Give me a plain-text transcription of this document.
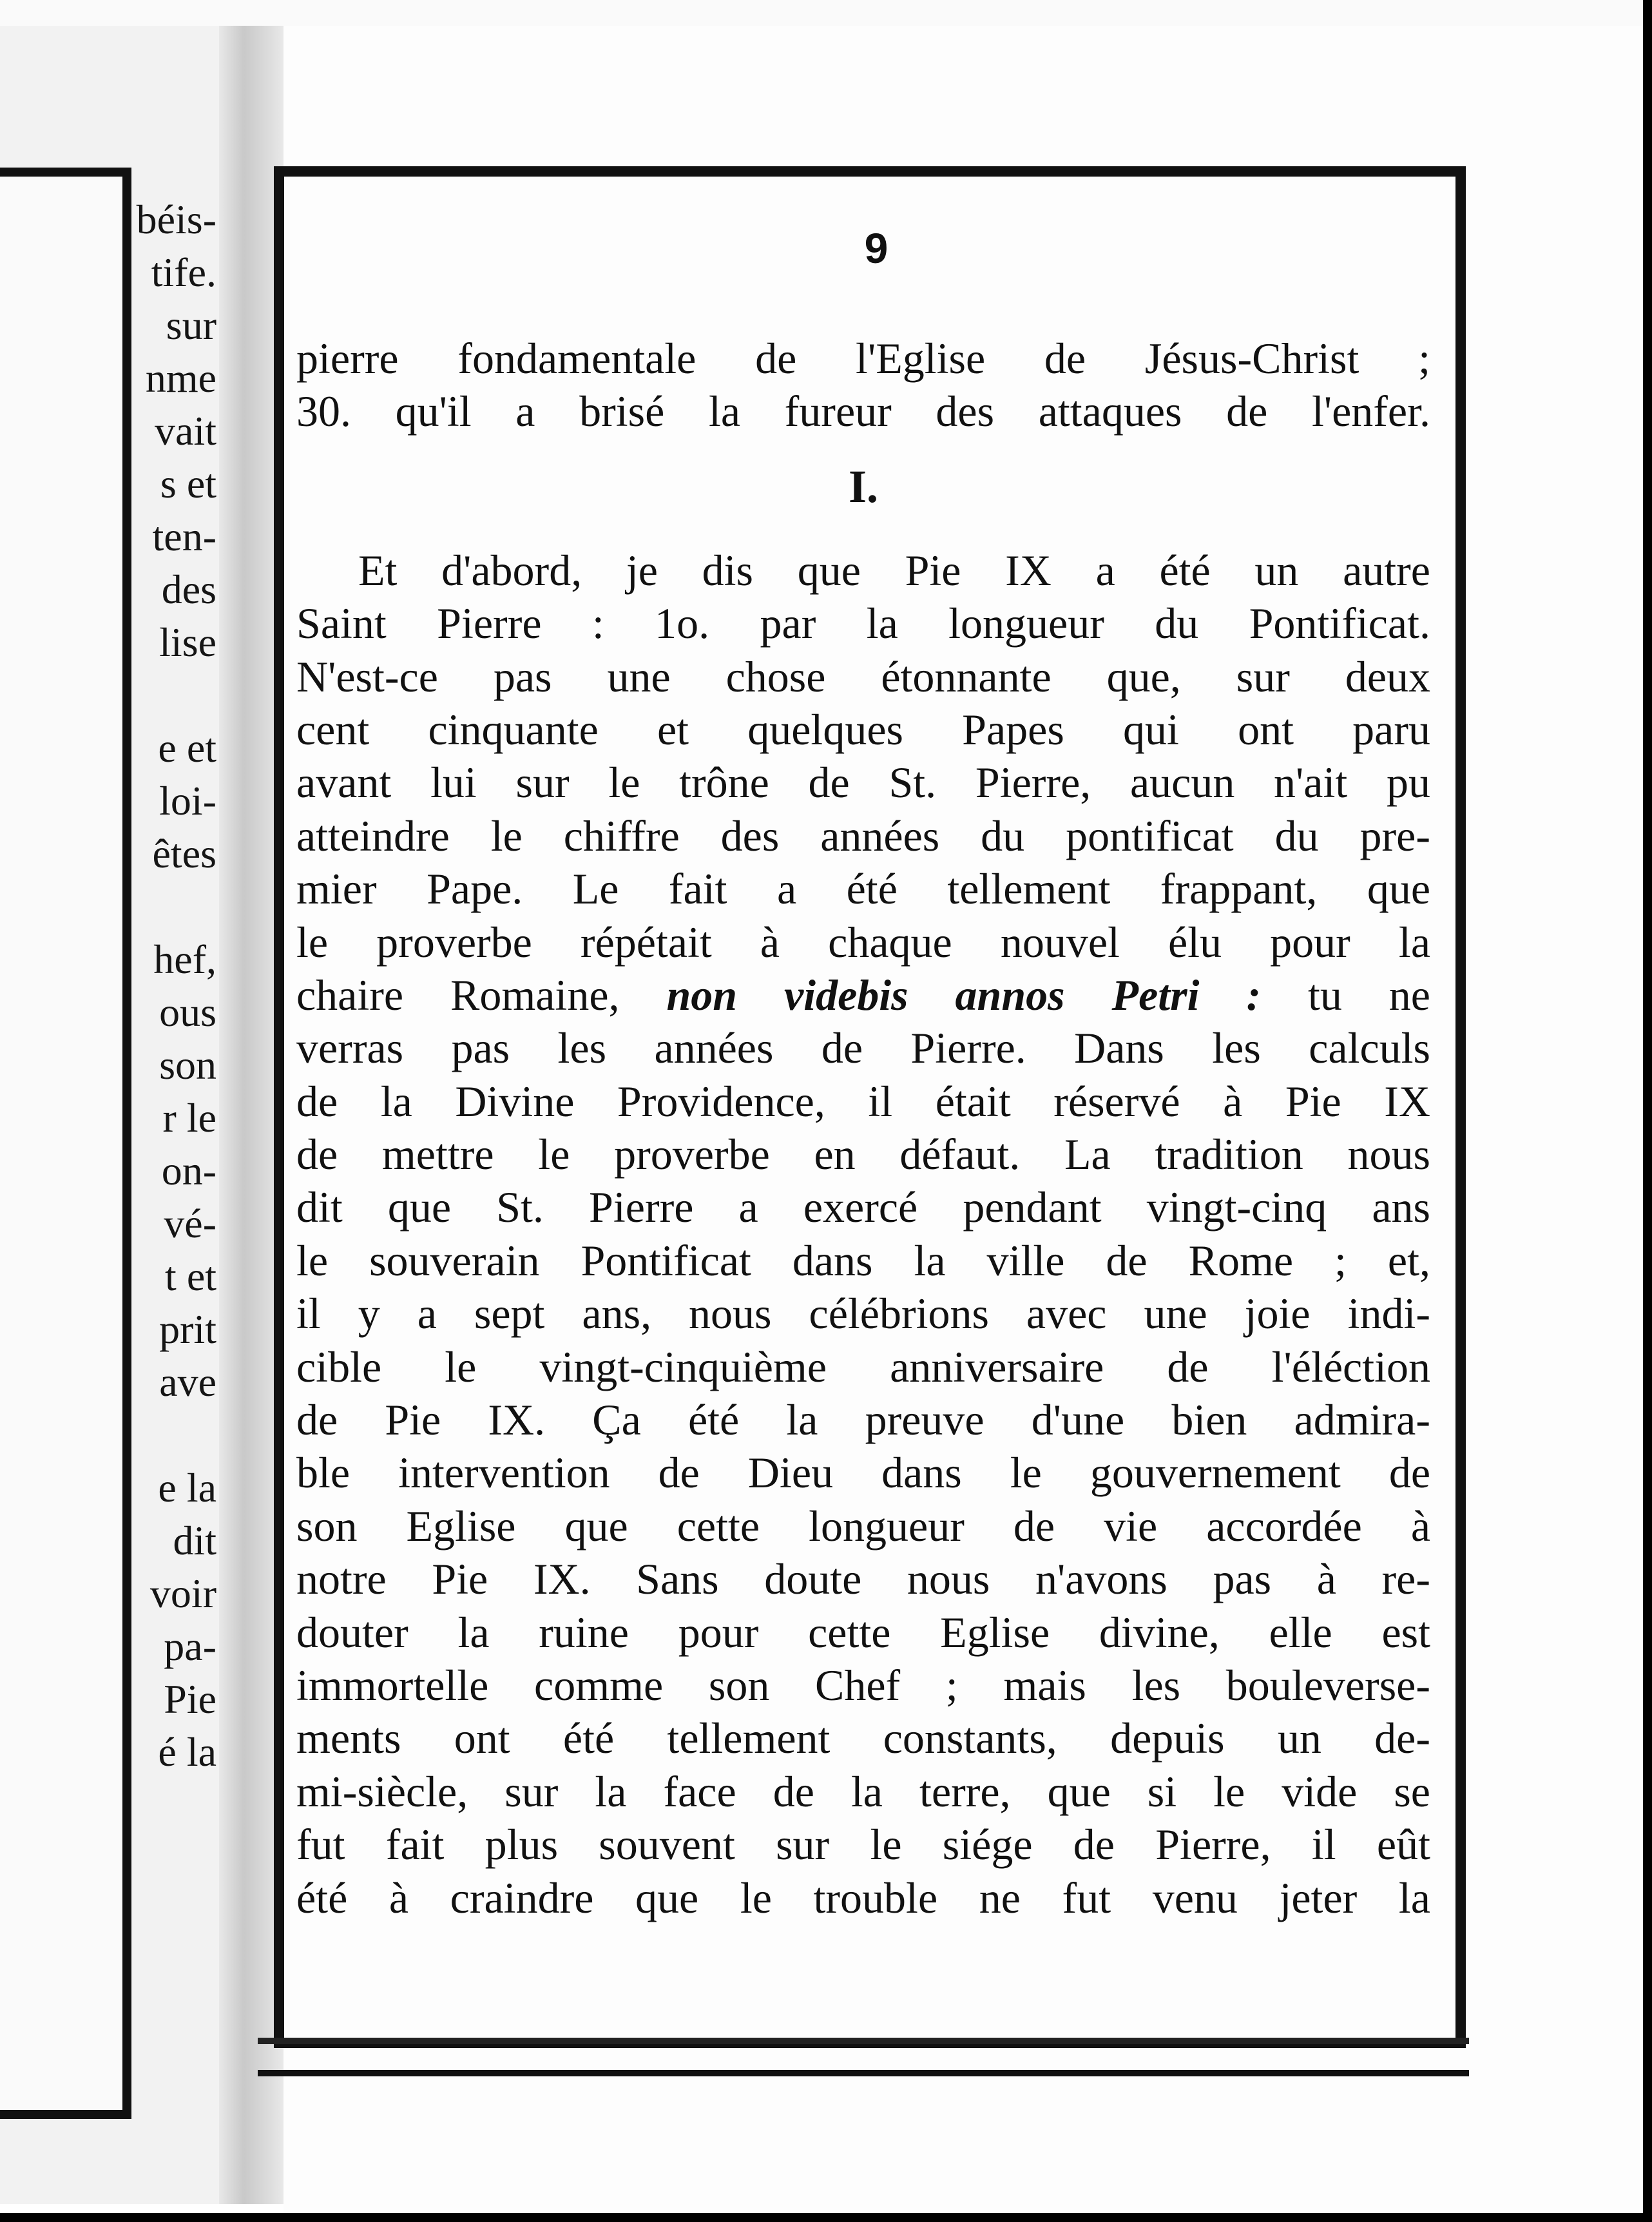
béis-
tife.
sur
nme
vait
s et
ten-
des
lise

e et
loi-
êtes

hef,
ous
son
r le
on-
vé-
t et
prit
ave

e la
dit
voir
pa-
Pie
é la
9
pierre fondamentale de l'Eglise de Jésus-Christ ;
30. qu'il a brisé la fureur des attaques de l'enfer.
I.
Et d'abord, je dis que Pie IX a été un autre
Saint Pierre : 1o. par la longueur du Pontificat.
N'est-ce pas une chose étonnante que, sur deux
cent cinquante et quelques Papes qui ont paru
avant lui sur le trône de St. Pierre, aucun n'ait pu
atteindre le chiffre des années du pontificat du pre-
mier Pape. Le fait a été tellement frappant, que
le proverbe répétait à chaque nouvel élu pour la
chaire Romaine, non videbis annos Petri : tu ne
verras pas les années de Pierre. Dans les calculs
de la Divine Providence, il était réservé à Pie IX
de mettre le proverbe en défaut. La tradition nous
dit que St. Pierre a exercé pendant vingt-cinq ans
le souverain Pontificat dans la ville de Rome ; et,
il y a sept ans, nous célébrions avec une joie indi-
cible le vingt-cinquième anniversaire de l'éléction
de Pie IX. Ça été la preuve d'une bien admira-
ble intervention de Dieu dans le gouvernement de
son Eglise que cette longueur de vie accordée à
notre Pie IX. Sans doute nous n'avons pas à re-
douter la ruine pour cette Eglise divine, elle est
immortelle comme son Chef ; mais les bouleverse-
ments ont été tellement constants, depuis un de-
mi-siècle, sur la face de la terre, que si le vide se
fut fait plus souvent sur le siége de Pierre, il eût
été à craindre que le trouble ne fut venu jeter la
